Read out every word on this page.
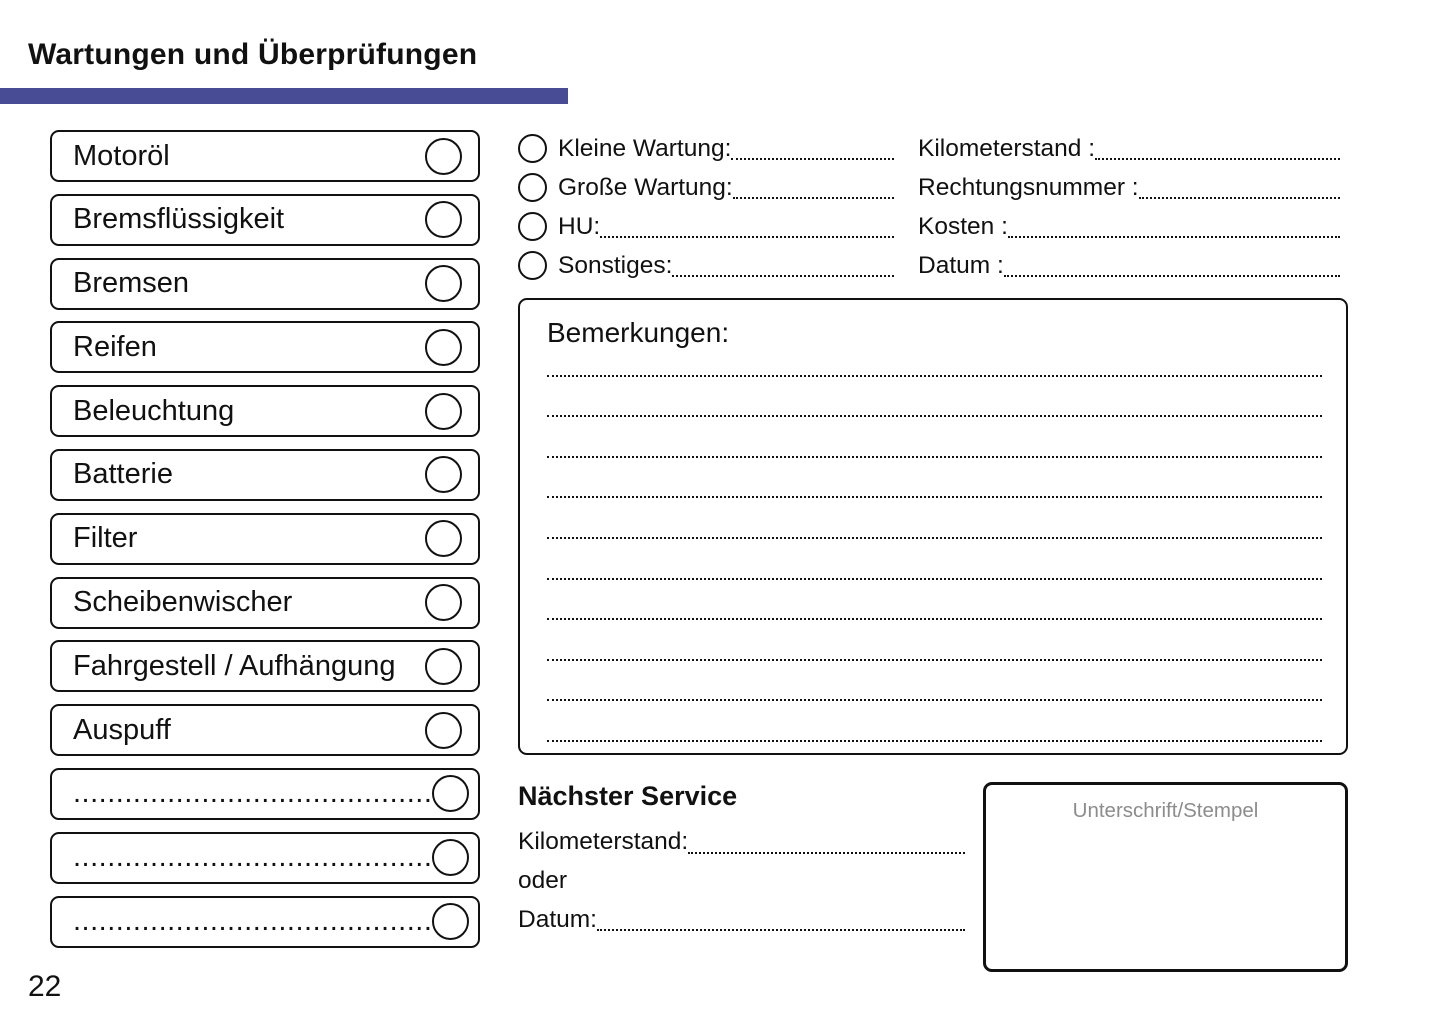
Wartungen und Überprüfungen
Motoröl
Bremsflüssigkeit
Bremsen
Reifen
Beleuchtung
Batterie
Filter
Scheibenwischer
Fahrgestell / Aufhängung
Auspuff
..........................................
..........................................
..........................................
Kleine Wartung:
Große Wartung:
HU:
Sonstiges:
Kilometerstand :
Rechtungsnummer :
Kosten :
Datum :
Bemerkungen:
Nächster Service
Kilometerstand:
oder
Datum:
Unterschrift/Stempel
22
